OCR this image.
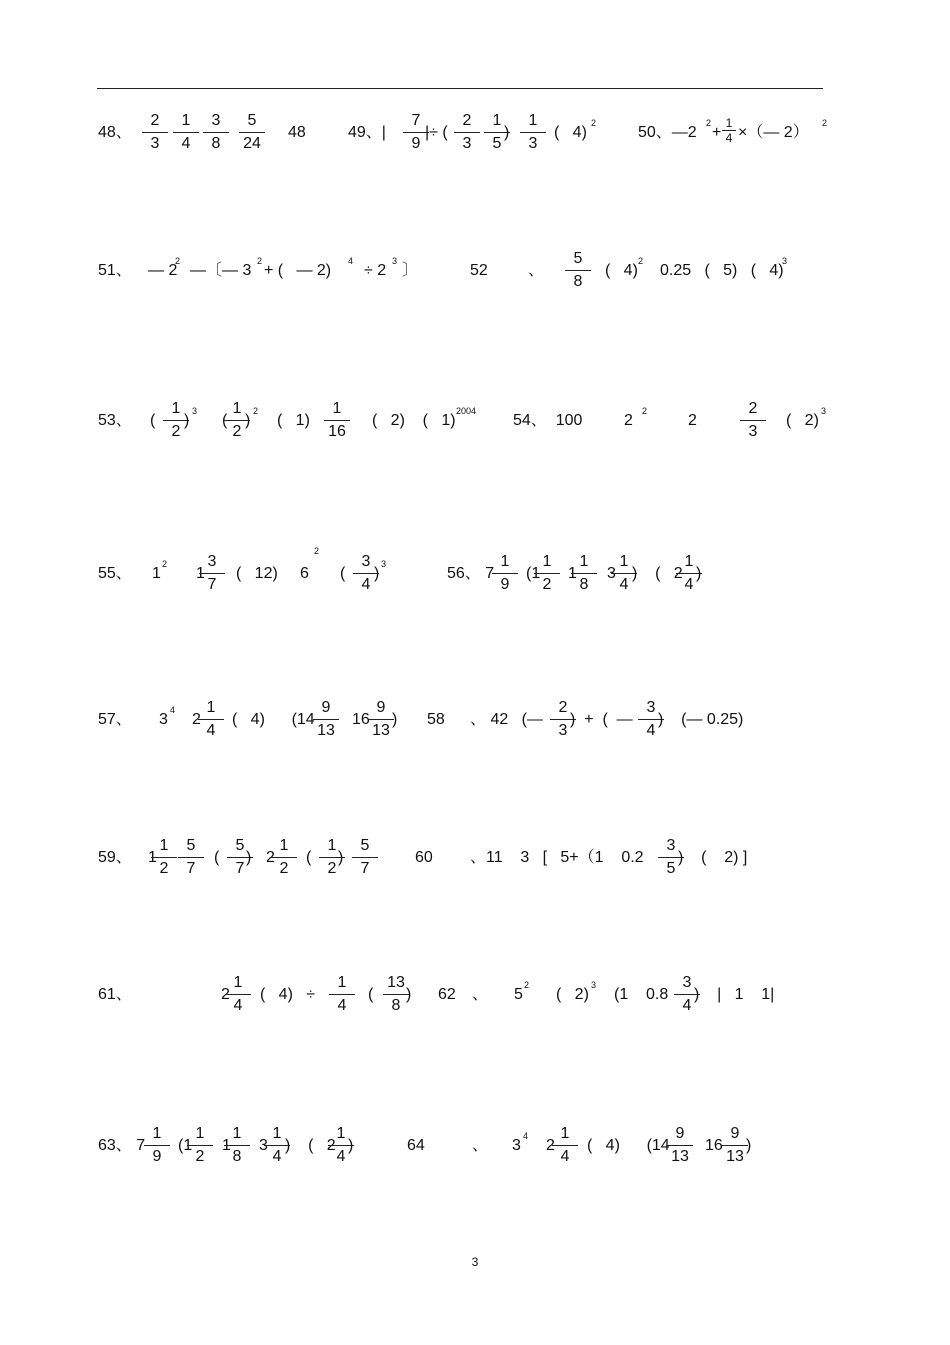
48、
2
3
1
4
3
8
5
24
48	49、|
7
9
|÷ (
2
3
1
5
)
1
3
(   4)
2
50、—2
2
+
1
4 ×（— 2）
2
51、 — 2
2
—〔— 3
2
+ (   — 2)
4
÷ 2
3
〕	52	、
5
8
(   4)
2
0.25   (   5)   (   4)
3
53、 (
1
2
)
3
(
1
2
)
2
(   1)
1
16
(   2)    (   1)
2004
54、  100	2
2
2
2
3
(   2)
3
55、 1
2
1
3
7
(   12)     6
2
(
3
4
)
3
56、 7
1
9
(1
1
2
1
1
8
3
1
4
)    (   2
1
4
)
57、 3
4
2
1
4
(   4)      (14
9
13
16
9
13
) 58 、 42   (—
2
3
)  +  (  —
3
4
)    (— 0.25)
59、 1
1
2
5
7
(
5
7
) 2
1
2
(
1
2
)
5
7
60 、11    3   [   5+（1    0.2
3
5
)    (    2) ]
61、	2
1
4
(   4)   ÷
1
4
(
13
8
) 62 、 5
2
(   2)
3
(1    0.8
3
4
)    |   1    1|
63、 7
1
9
(1
1
2
1
1
8
3
1
4
)    (   2
1
4
)	64	、 3
4
2
1
4
(   4)      (14
9
13
16
9
13
)
3
